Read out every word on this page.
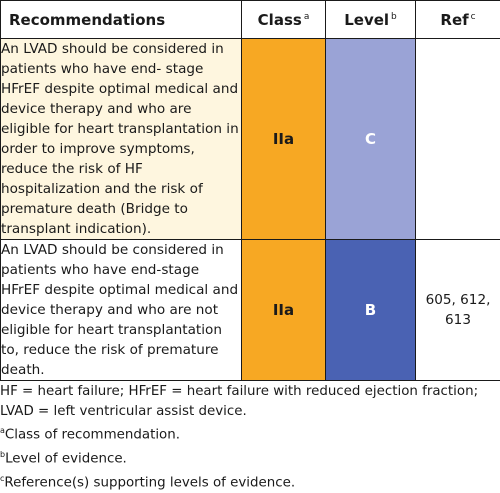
Recommendations	Class $^a$	Level $^b$	Ref $^c$
An LVAD should be considered in patients who have end- stage HFrEF despite optimal medical and device therapy and who are eligible for heart transplantation in order to improve symptoms, reduce the risk of HF hospitalization and the risk of premature death (Bridge to transplant indication).	IIa	C	
An LVAD should be considered in patients who have end-stage HFrEF despite optimal medical and device therapy and who are not eligible for heart transplantation to, reduce the risk of premature death.	IIa	B	605, 612, 613

HF = heart failure; HFrEF = heart failure with reduced ejection fraction; LVAD = left ventricular assist device.

$^a$Class of recommendation.

$^b$Level of evidence.

$^c$Reference(s) supporting levels of evidence.
